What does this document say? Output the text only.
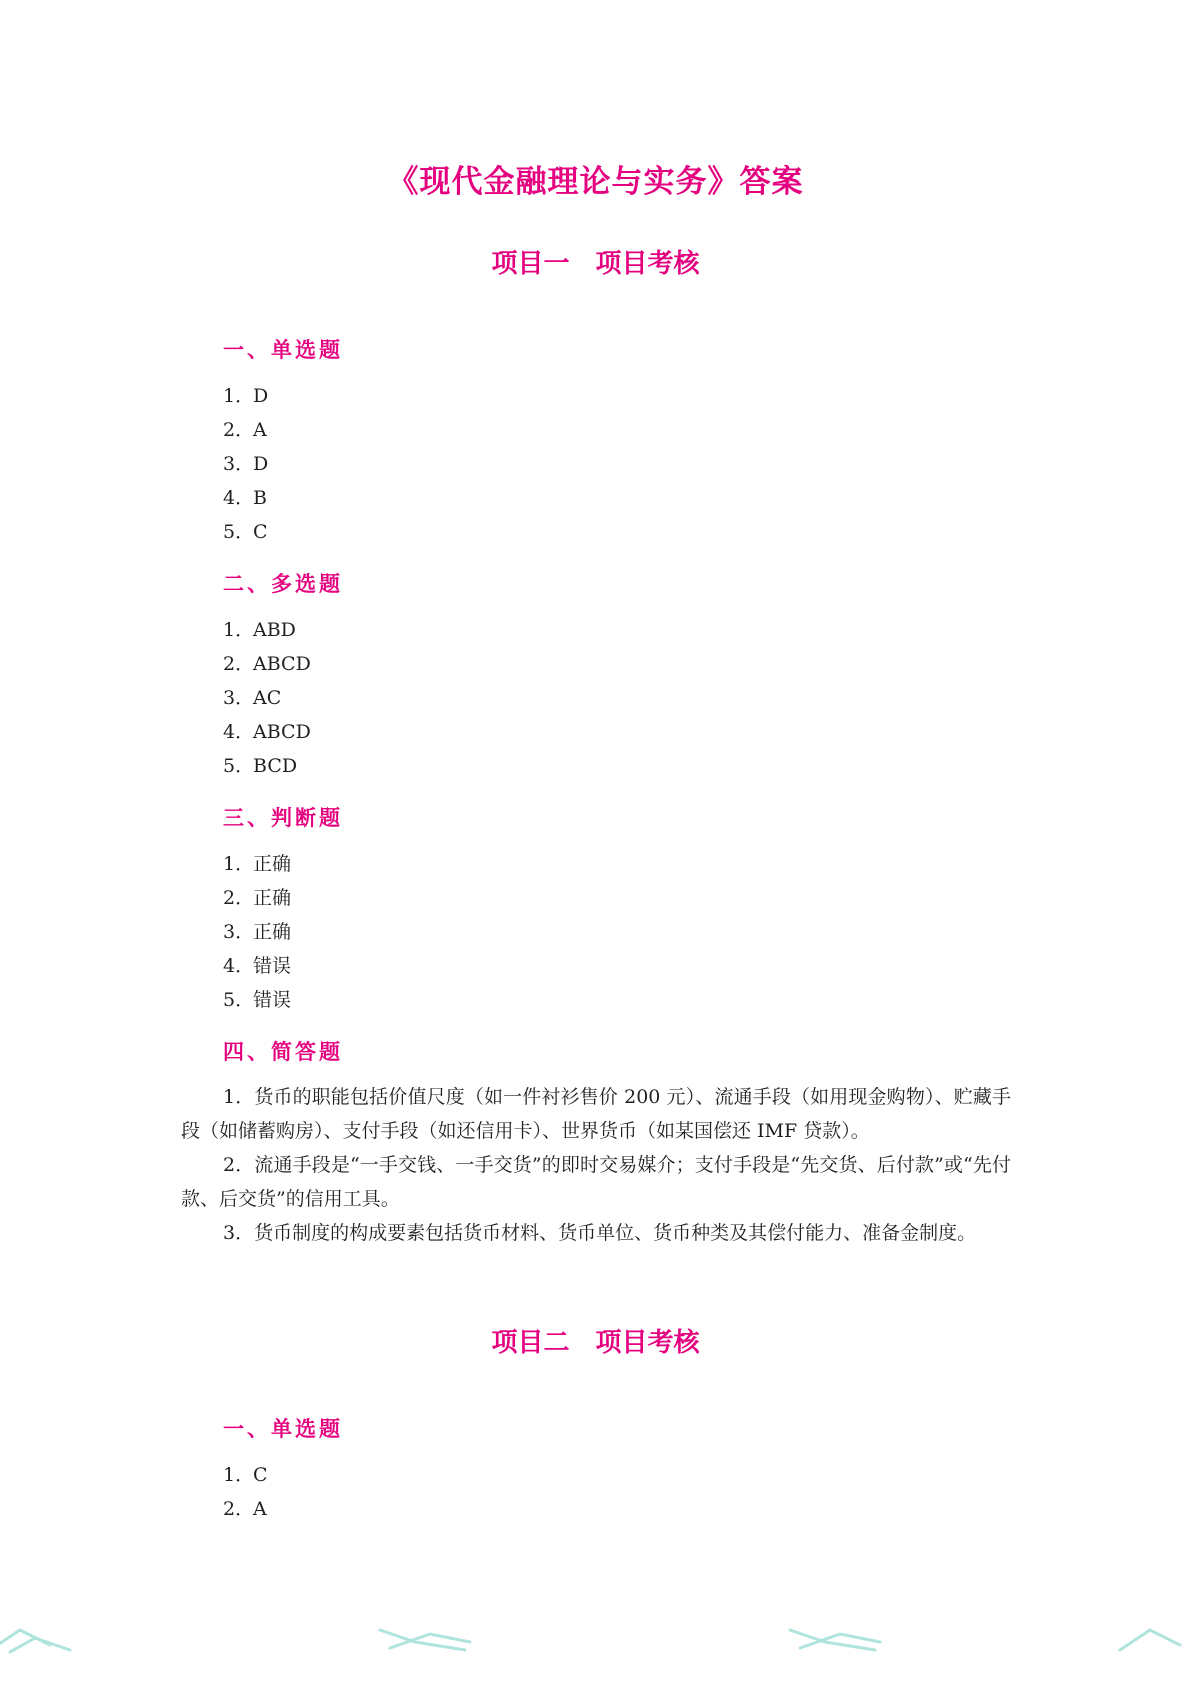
《现代金融理论与实务》答案
项目一　项目考核
一、单选题
1．D
2．A
3．D
4．B
5．C
二、多选题
1．ABD
2．ABCD
3．AC
4．ABCD
5．BCD
三、判断题
1．正确
2．正确
3．正确
4．错误
5．错误
四、简答题

1．货币的职能包括价值尺度（如一件衬衫售价 200 元）、流通手段（如用现金购物）、贮藏手段（如储蓄购房）、支付手段（如还信用卡）、世界货币（如某国偿还 IMF 贷款）。

2．流通手段是“一手交钱、一手交货”的即时交易媒介；支付手段是“先交货、后付款”或“先付款、后交货”的信用工具。

3．货币制度的构成要素包括货币材料、货币单位、货币种类及其偿付能力、准备金制度。

项目二　项目考核
一、单选题
1．C
2．A
